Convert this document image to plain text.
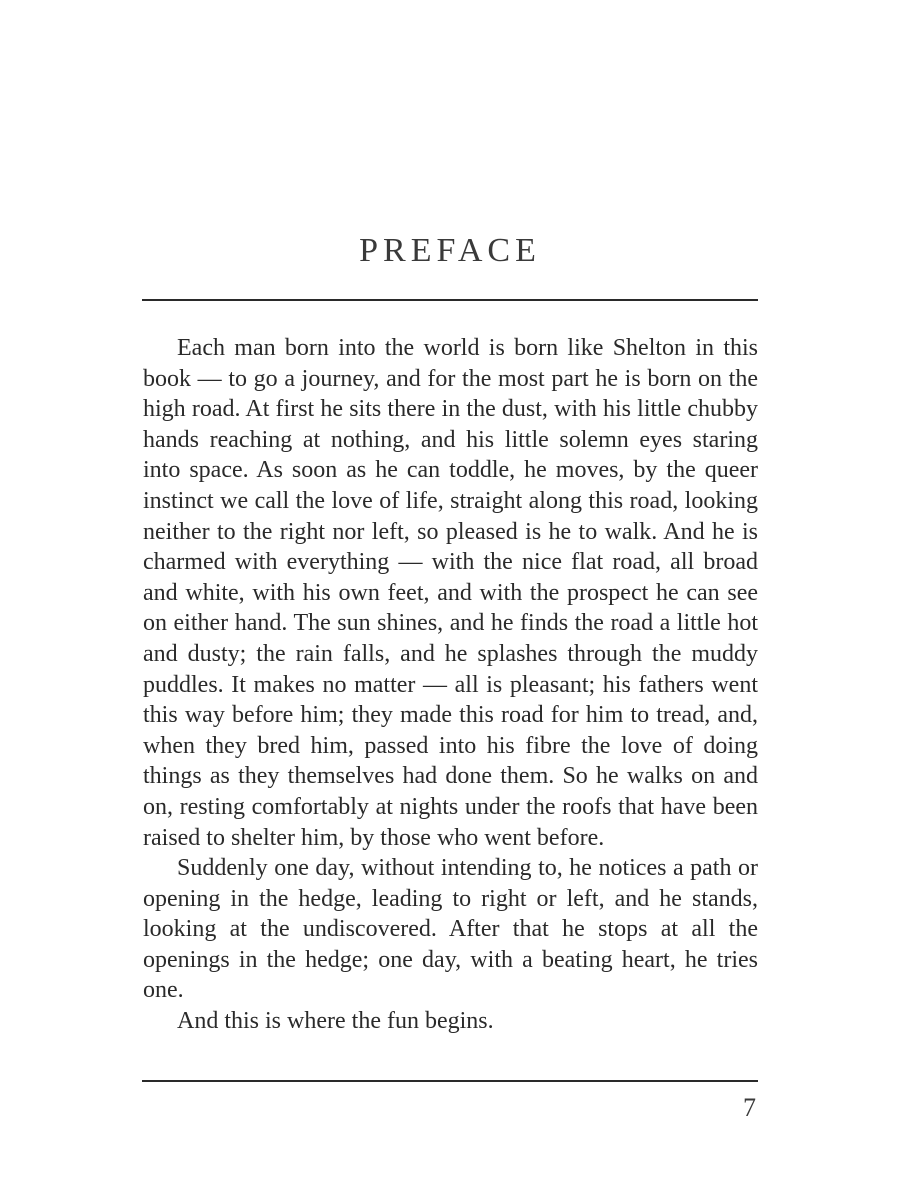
PREFACE

Each man born into the world is born like Shelton in this book — to go a journey, and for the most part he is born on the high road. At first he sits there in the dust, with his little chubby hands reaching at nothing, and his little solemn eyes staring into space. As soon as he can toddle, he moves, by the queer instinct we call the love of life, straight along this road, looking neither to the right nor left, so pleased is he to walk. And he is charmed with everything — with the nice flat road, all broad and white, with his own feet, and with the prospect he can see on either hand. The sun shines, and he finds the road a little hot and dusty; the rain falls, and he splashes through the muddy puddles. It makes no matter — all is pleasant; his fathers went this way before him; they made this road for him to tread, and, when they bred him, passed into his fibre the love of doing things as they themselves had done them. So he walks on and on, resting comfortably at nights under the roofs that have been raised to shelter him, by those who went before.

Suddenly one day, without intending to, he notices a path or opening in the hedge, leading to right or left, and he stands, looking at the undiscovered. After that he stops at all the openings in the hedge; one day, with a beating heart, he tries one.

And this is where the fun begins.

7
